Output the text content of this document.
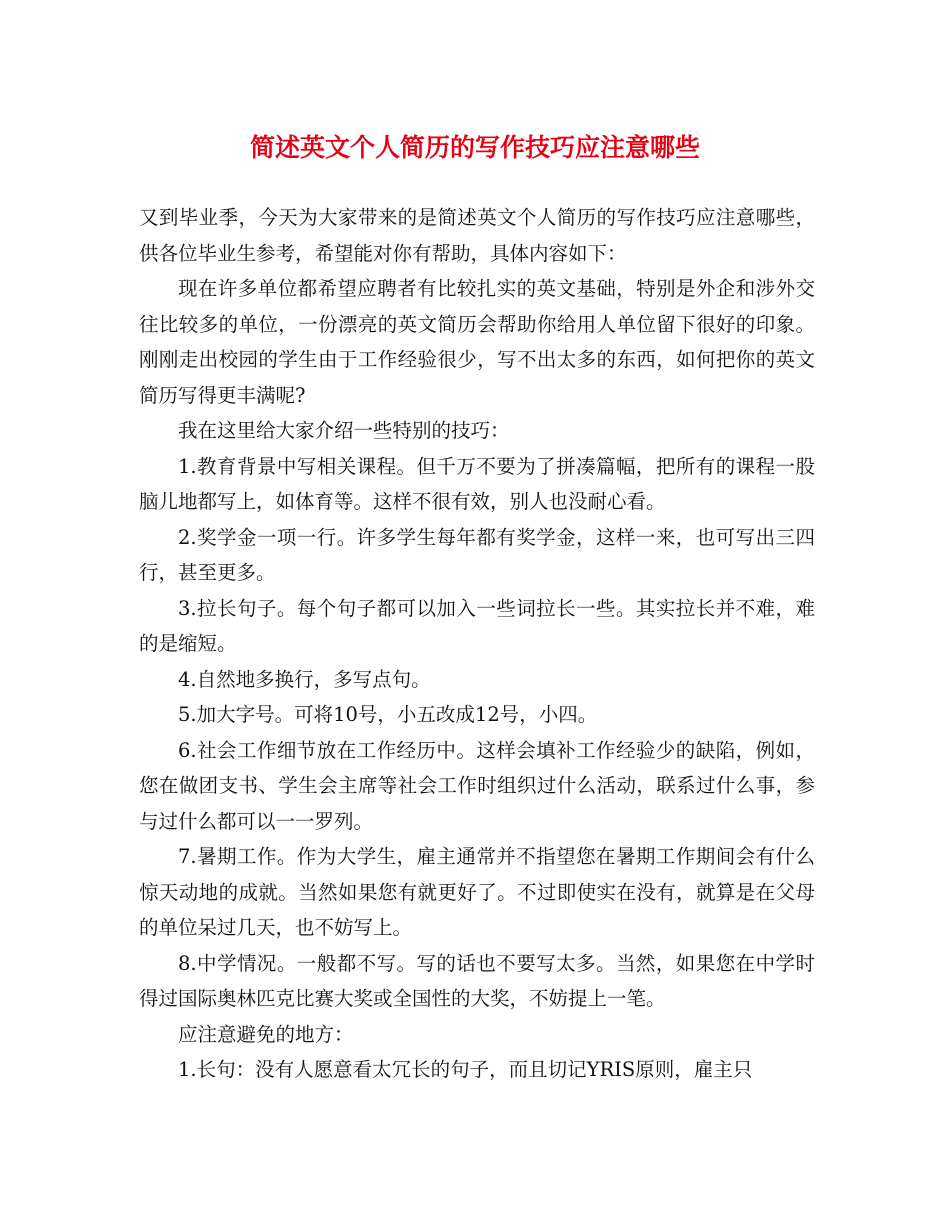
简述英文个人简历的写作技巧应注意哪些

又到毕业季，今天为大家带来的是简述英文个人简历的写作技巧应注意哪些，供各位毕业生参考，希望能对你有帮助，具体内容如下：

现在许多单位都希望应聘者有比较扎实的英文基础，特别是外企和涉外交往比较多的单位，一份漂亮的英文简历会帮助你给用人单位留下很好的印象。刚刚走出校园的学生由于工作经验很少，写不出太多的东西，如何把你的英文简历写得更丰满呢?

我在这里给大家介绍一些特别的技巧：

1.教育背景中写相关课程。但千万不要为了拼凑篇幅，把所有的课程一股脑儿地都写上，如体育等。这样不很有效，别人也没耐心看。

2.奖学金一项一行。许多学生每年都有奖学金，这样一来，也可写出三四行，甚至更多。

3.拉长句子。每个句子都可以加入一些词拉长一些。其实拉长并不难，难的是缩短。

4.自然地多换行，多写点句。

5.加大字号。可将10号，小五改成12号，小四。

6.社会工作细节放在工作经历中。这样会填补工作经验少的缺陷，例如，您在做团支书、学生会主席等社会工作时组织过什么活动，联系过什么事，参与过什么都可以一一罗列。

7.暑期工作。作为大学生，雇主通常并不指望您在暑期工作期间会有什么惊天动地的成就。当然如果您有就更好了。不过即使实在没有，就算是在父母的单位呆过几天，也不妨写上。

8.中学情况。一般都不写。写的话也不要写太多。当然，如果您在中学时得过国际奥林匹克比赛大奖或全国性的大奖，不妨提上一笔。

应注意避免的地方：

1.长句：没有人愿意看太冗长的句子，而且切记YRIS原则，雇主只
